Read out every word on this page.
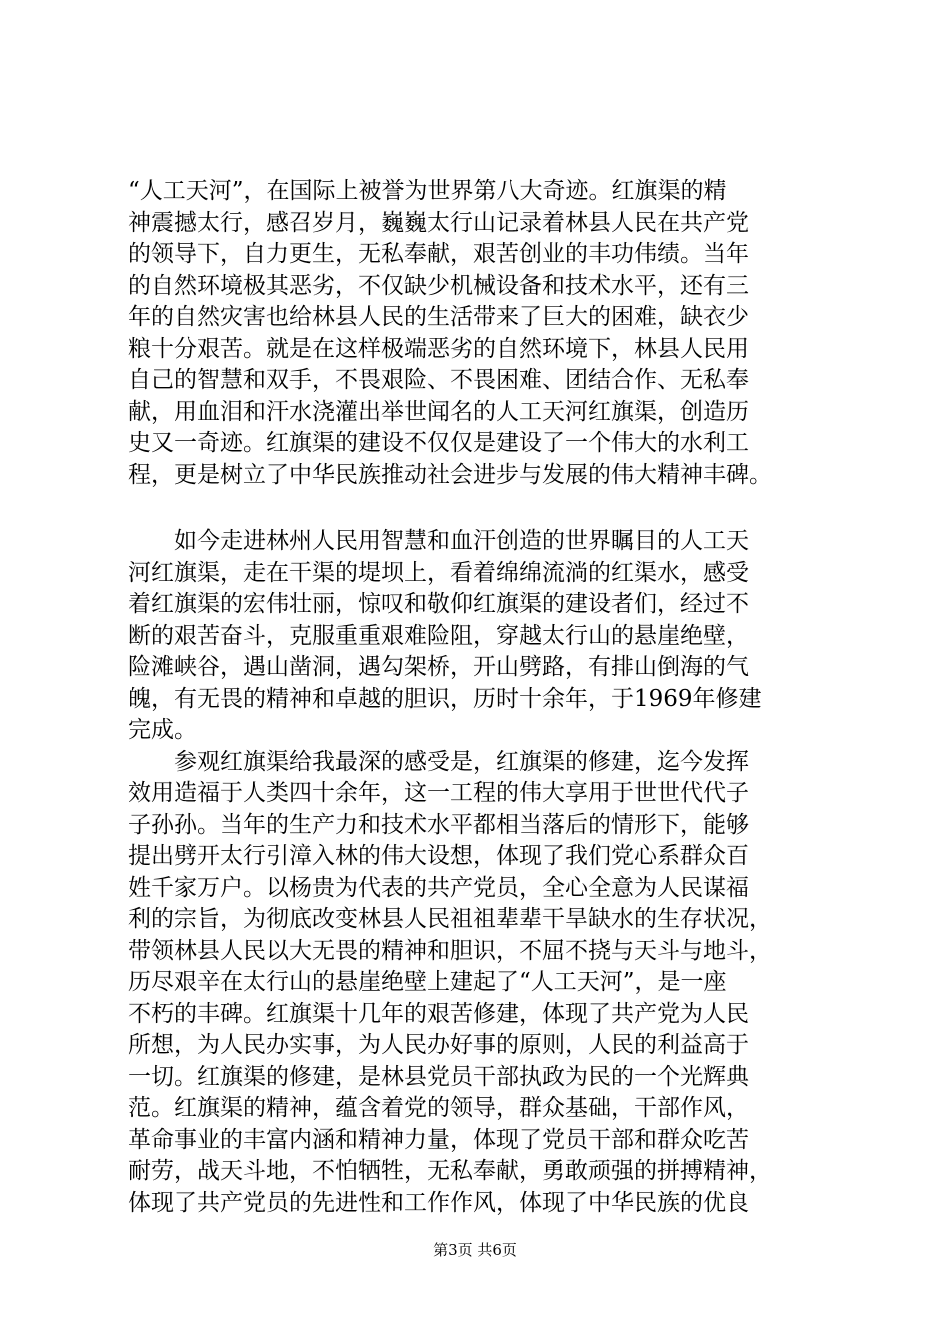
“人工天河”，在国际上被誉为世界第八大奇迹。红旗渠的精
神震撼太行，感召岁月，巍巍太行山记录着林县人民在共产党
的领导下，自力更生，无私奉献，艰苦创业的丰功伟绩。当年
的自然环境极其恶劣，不仅缺少机械设备和技术水平，还有三
年的自然灾害也给林县人民的生活带来了巨大的困难，缺衣少
粮十分艰苦。就是在这样极端恶劣的自然环境下，林县人民用
自己的智慧和双手，不畏艰险、不畏困难、团结合作、无私奉
献，用血泪和汗水浇灌出举世闻名的人工天河红旗渠，创造历
史又一奇迹。红旗渠的建设不仅仅是建设了一个伟大的水利工
程，更是树立了中华民族推动社会进步与发展的伟大精神丰碑。
如今走进林州人民用智慧和血汗创造的世界瞩目的人工天
河红旗渠，走在干渠的堤坝上，看着绵绵流淌的红渠水，感受
着红旗渠的宏伟壮丽，惊叹和敬仰红旗渠的建设者们，经过不
断的艰苦奋斗，克服重重艰难险阻，穿越太行山的悬崖绝壁，
险滩峡谷，遇山凿洞，遇勾架桥，开山劈路，有排山倒海的气
魄，有无畏的精神和卓越的胆识，历时十余年，于1969年修建
完成。
参观红旗渠给我最深的感受是，红旗渠的修建，迄今发挥
效用造福于人类四十余年，这一工程的伟大享用于世世代代子
子孙孙。当年的生产力和技术水平都相当落后的情形下，能够
提出劈开太行引漳入林的伟大设想，体现了我们党心系群众百
姓千家万户。以杨贵为代表的共产党员，全心全意为人民谋福
利的宗旨，为彻底改变林县人民祖祖辈辈干旱缺水的生存状况，
带领林县人民以大无畏的精神和胆识，不屈不挠与天斗与地斗，
历尽艰辛在太行山的悬崖绝壁上建起了“人工天河”，是一座
不朽的丰碑。红旗渠十几年的艰苦修建，体现了共产党为人民
所想，为人民办实事，为人民办好事的原则，人民的利益高于
一切。红旗渠的修建，是林县党员干部执政为民的一个光辉典
范。红旗渠的精神，蕴含着党的领导，群众基础，干部作风，
革命事业的丰富内涵和精神力量，体现了党员干部和群众吃苦
耐劳，战天斗地，不怕牺牲，无私奉献，勇敢顽强的拼搏精神，
体现了共产党员的先进性和工作作风，体现了中华民族的优良
第3页 共6页
